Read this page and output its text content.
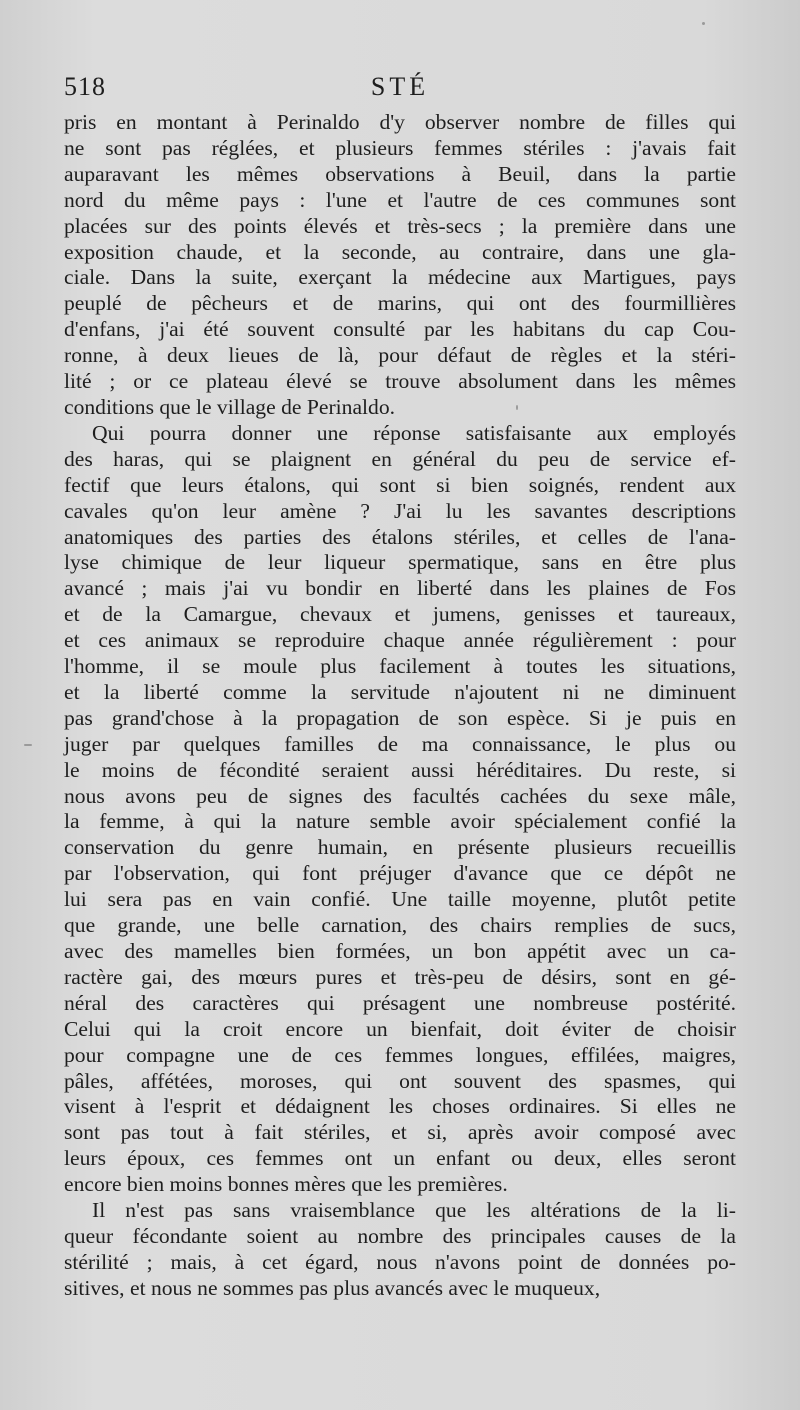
518	STÉ
pris en montant à Perinaldo d'y observer nombre de filles qui
ne sont pas réglées, et plusieurs femmes stériles : j'avais fait
auparavant les mêmes observations à Beuil, dans la partie
nord du même pays : l'une et l'autre de ces communes sont
placées sur des points élevés et très-secs ; la première dans une
exposition chaude, et la seconde, au contraire, dans une gla-
ciale. Dans la suite, exerçant la médecine aux Martigues, pays
peuplé de pêcheurs et de marins, qui ont des fourmillières
d'enfans, j'ai été souvent consulté par les habitans du cap Cou-
ronne, à deux lieues de là, pour défaut de règles et la stéri-
lité ; or ce plateau élevé se trouve absolument dans les mêmes
conditions que le village de Perinaldo.
Qui pourra donner une réponse satisfaisante aux employés
des haras, qui se plaignent en général du peu de service ef-
fectif que leurs étalons, qui sont si bien soignés, rendent aux
cavales qu'on leur amène ? J'ai lu les savantes descriptions
anatomiques des parties des étalons stériles, et celles de l'ana-
lyse chimique de leur liqueur spermatique, sans en être plus
avancé ; mais j'ai vu bondir en liberté dans les plaines de Fos
et de la Camargue, chevaux et jumens, genisses et taureaux,
et ces animaux se reproduire chaque année régulièrement : pour
l'homme, il se moule plus facilement à toutes les situations,
et la liberté comme la servitude n'ajoutent ni ne diminuent
pas grand'chose à la propagation de son espèce. Si je puis en
juger par quelques familles de ma connaissance, le plus ou
le moins de fécondité seraient aussi héréditaires. Du reste, si
nous avons peu de signes des facultés cachées du sexe mâle,
la femme, à qui la nature semble avoir spécialement confié la
conservation du genre humain, en présente plusieurs recueillis
par l'observation, qui font préjuger d'avance que ce dépôt ne
lui sera pas en vain confié. Une taille moyenne, plutôt petite
que grande, une belle carnation, des chairs remplies de sucs,
avec des mamelles bien formées, un bon appétit avec un ca-
ractère gai, des mœurs pures et très-peu de désirs, sont en gé-
néral des caractères qui présagent une nombreuse postérité.
Celui qui la croit encore un bienfait, doit éviter de choisir
pour compagne une de ces femmes longues, effilées, maigres,
pâles, affétées, moroses, qui ont souvent des spasmes, qui
visent à l'esprit et dédaignent les choses ordinaires. Si elles ne
sont pas tout à fait stériles, et si, après avoir composé avec
leurs époux, ces femmes ont un enfant ou deux, elles seront
encore bien moins bonnes mères que les premières.
Il n'est pas sans vraisemblance que les altérations de la li-
queur fécondante soient au nombre des principales causes de la
stérilité ; mais, à cet égard, nous n'avons point de données po-
sitives, et nous ne sommes pas plus avancés avec le muqueux,
